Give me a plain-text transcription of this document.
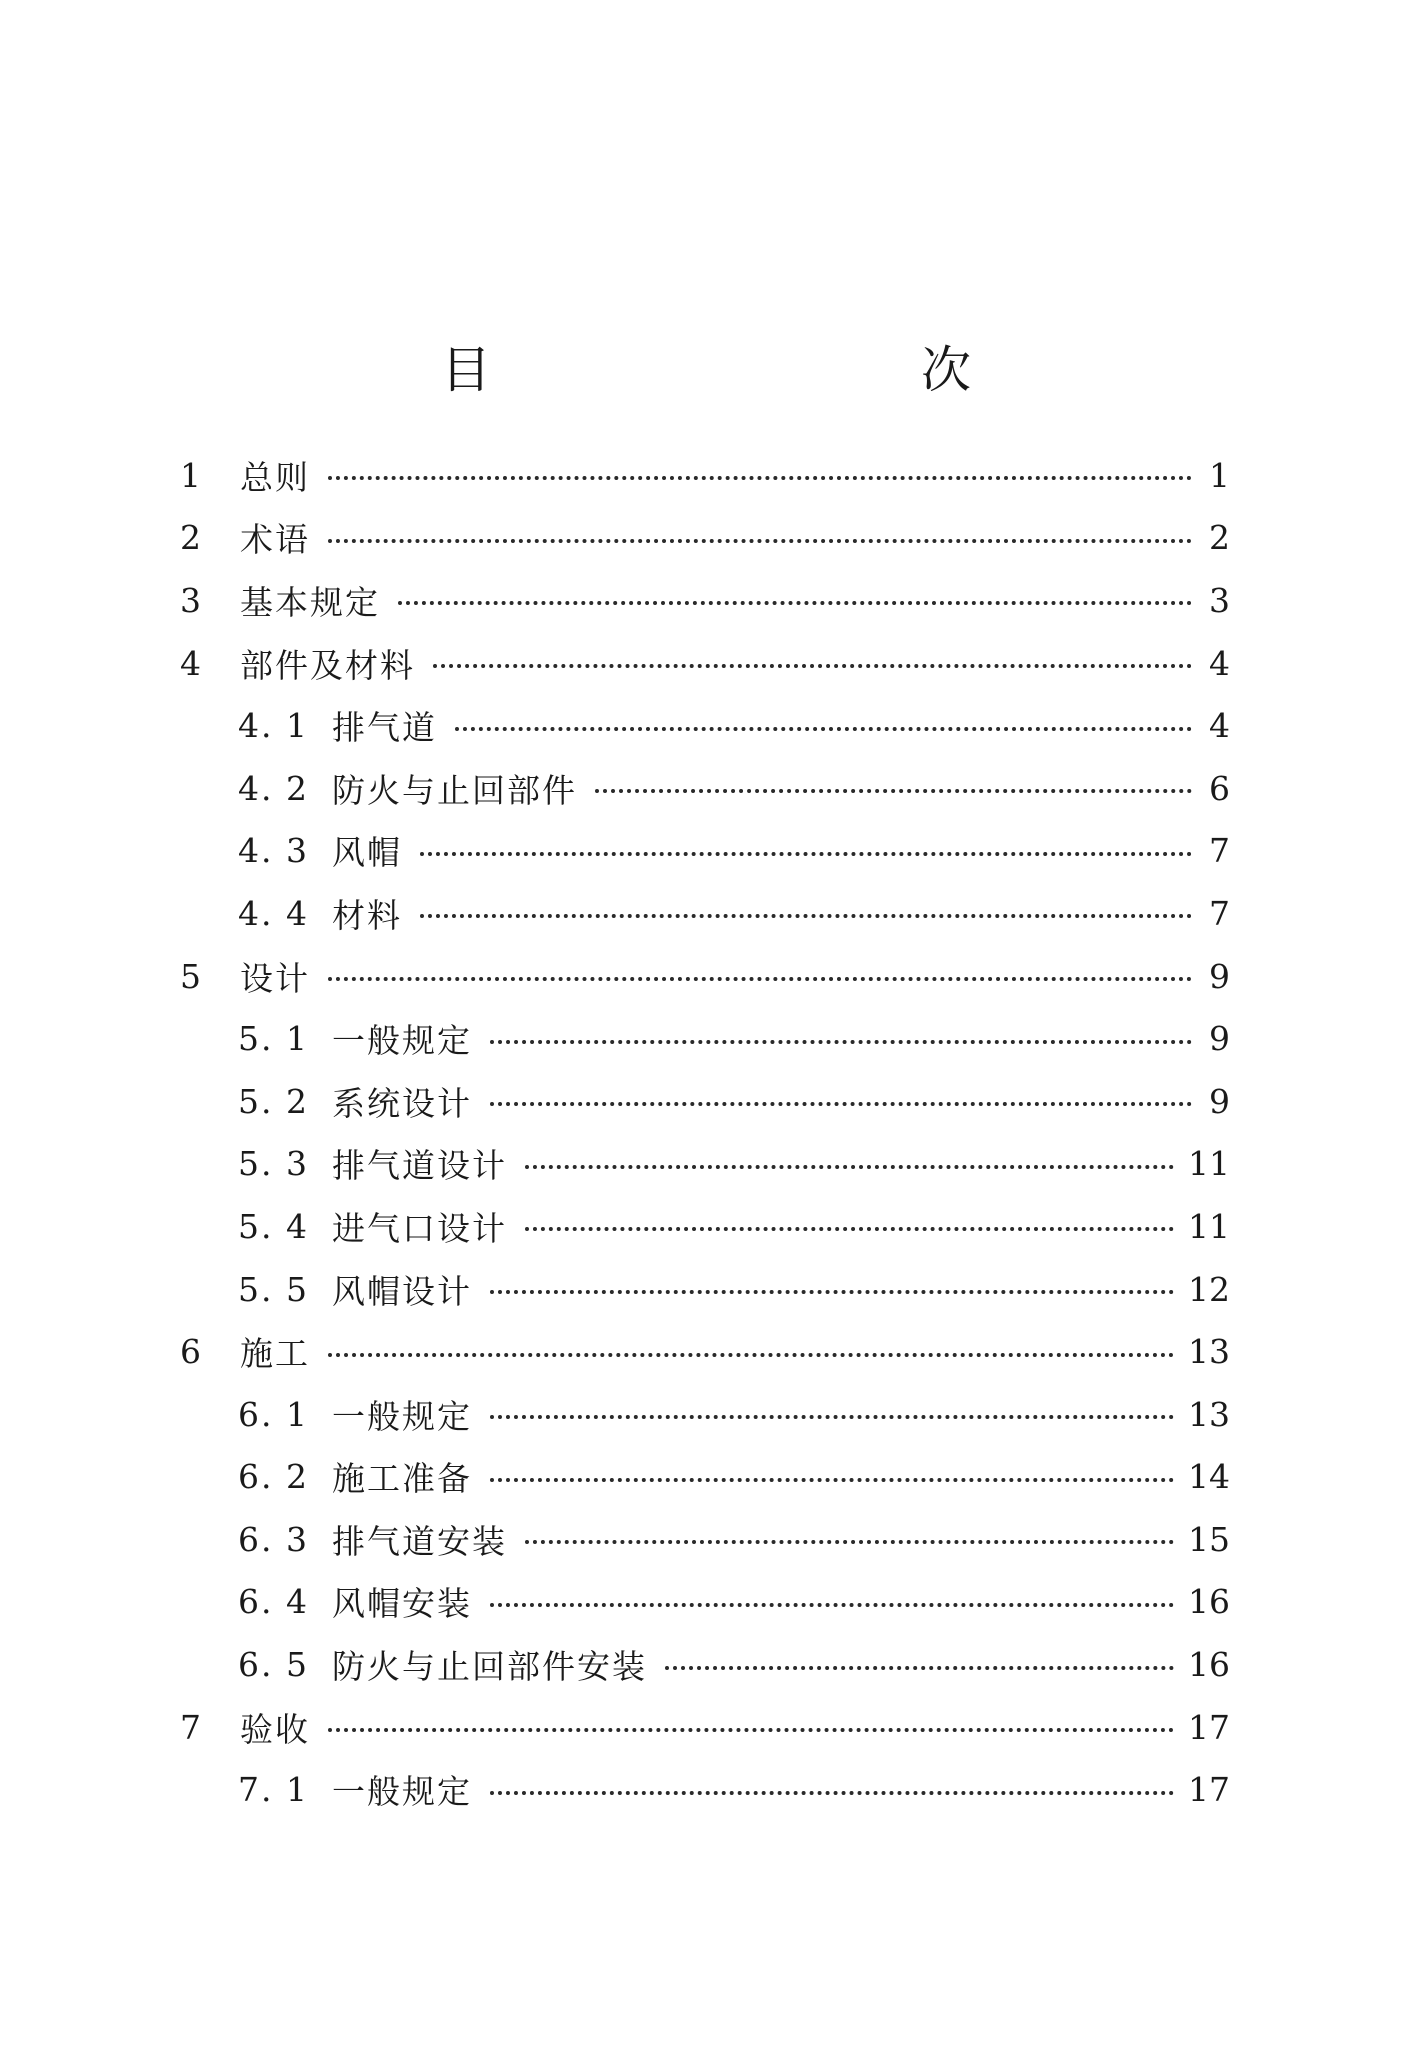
目　　次
1	总则	1
2	术语	2
3	基本规定	3
4	部件及材料	4
4. 1 排气道	4
4. 2 防火与止回部件	6
4. 3 风帽	7
4. 4 材料	7
5	设计	9
5. 1 一般规定	9
5. 2 系统设计	9
5. 3 排气道设计	11
5. 4 进气口设计	11
5. 5 风帽设计	12
6	施工	13
6. 1 一般规定	13
6. 2 施工准备	14
6. 3 排气道安装	15
6. 4 风帽安装	16
6. 5 防火与止回部件安装	16
7	验收	17
7. 1 一般规定	17
